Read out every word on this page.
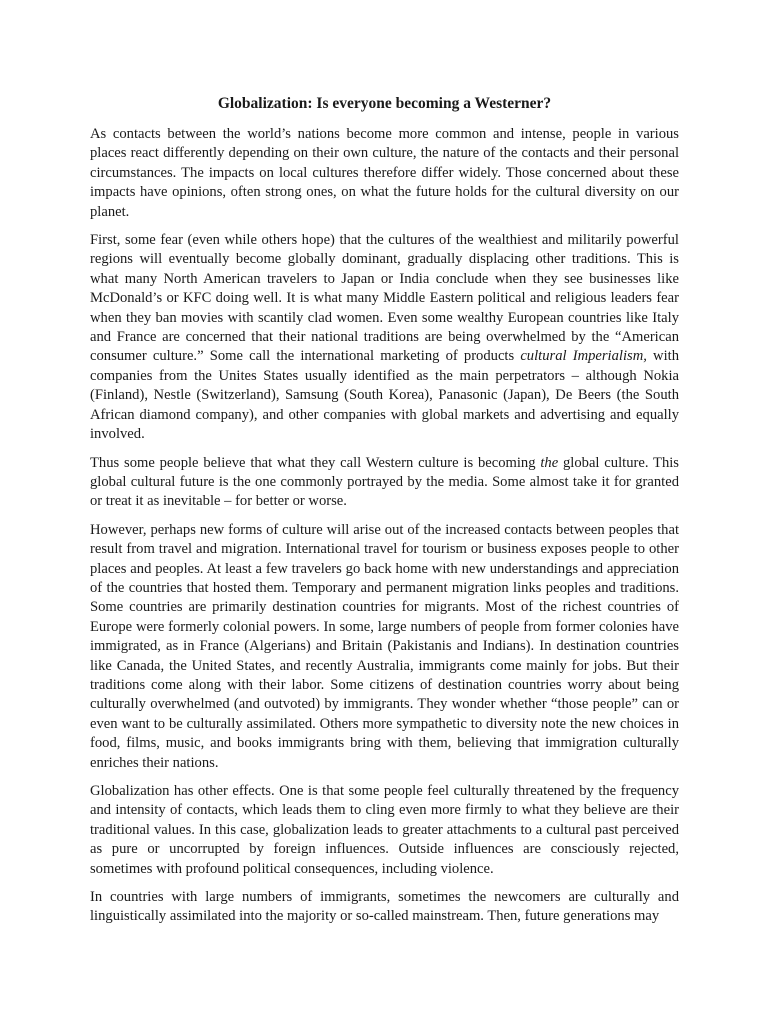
Globalization: Is everyone becoming a Westerner?

As contacts between the world’s nations become more common and intense, people in various places react differently depending on their own culture, the nature of the contacts and their personal circumstances. The impacts on local cultures therefore differ widely. Those concerned about these impacts have opinions, often strong ones, on what the future holds for the cultural diversity on our planet.

First, some fear (even while others hope) that the cultures of the wealthiest and militarily powerful regions will eventually become globally dominant, gradually displacing other traditions. This is what many North American travelers to Japan or India conclude when they see businesses like McDonald’s or KFC doing well. It is what many Middle Eastern political and religious leaders fear when they ban movies with scantily clad women. Even some wealthy European countries like Italy and France are concerned that their national traditions are being overwhelmed by the “American consumer culture.” Some call the international marketing of products cultural Imperialism, with companies from the Unites States usually identified as the main perpetrators – although Nokia (Finland), Nestle (Switzerland), Samsung (South Korea), Panasonic (Japan), De Beers (the South African diamond company), and other companies with global markets and advertising and equally involved.

Thus some people believe that what they call Western culture is becoming the global culture. This global cultural future is the one commonly portrayed by the media. Some almost take it for granted or treat it as inevitable – for better or worse.

However, perhaps new forms of culture will arise out of the increased contacts between peoples that result from travel and migration. International travel for tourism or business exposes people to other places and peoples. At least a few travelers go back home with new understandings and appreciation of the countries that hosted them. Temporary and permanent migration links peoples and traditions. Some countries are primarily destination countries for migrants. Most of the richest countries of Europe were formerly colonial powers. In some, large numbers of people from former colonies have immigrated, as in France (Algerians) and Britain (Pakistanis and Indians). In destination countries like Canada, the United States, and recently Australia, immigrants come mainly for jobs. But their traditions come along with their labor. Some citizens of destination countries worry about being culturally overwhelmed (and outvoted) by immigrants. They wonder whether “those people” can or even want to be culturally assimilated. Others more sympathetic to diversity note the new choices in food, films, music, and books immigrants bring with them, believing that immigration culturally enriches their nations.

Globalization has other effects. One is that some people feel culturally threatened by the frequency and intensity of contacts, which leads them to cling even more firmly to what they believe are their traditional values. In this case, globalization leads to greater attachments to a cultural past perceived as pure or uncorrupted by foreign influences. Outside influences are consciously rejected, sometimes with profound political consequences, including violence.

In countries with large numbers of immigrants, sometimes the newcomers are culturally and linguistically assimilated into the majority or so-called mainstream. Then, future generations may
